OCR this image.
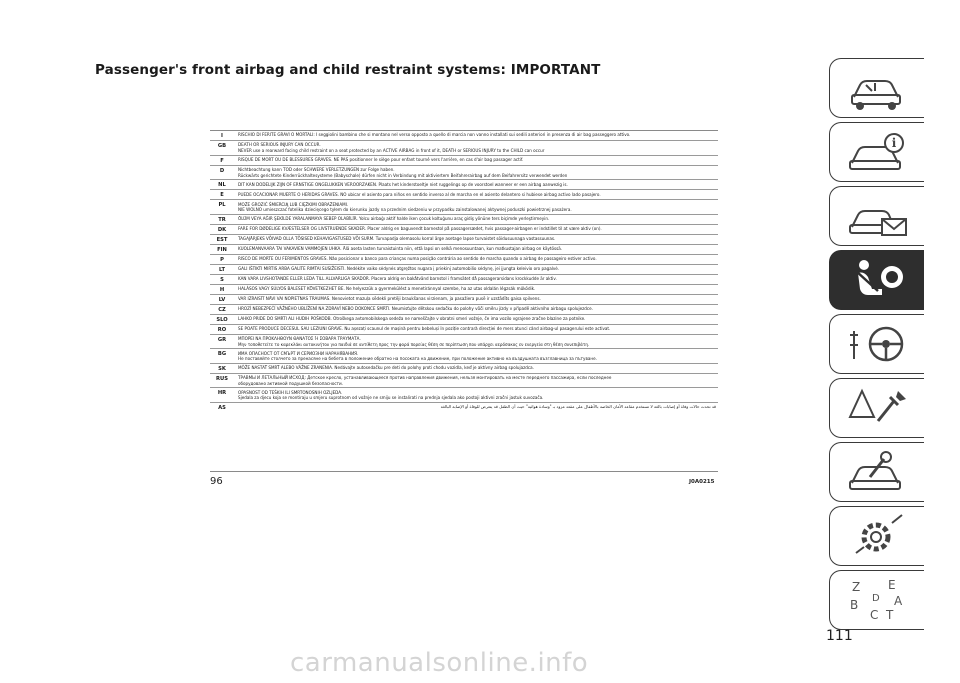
Passenger's front airbag and child restraint systems: IMPORTANT
I	RISCHIO DI FERITE GRAVI O MORTALI: I seggiolini bambino che si montano nel verso opposto a quello di marcia non vanno installati sui sedili anteriori in presenza di air bag passeggero attivo.

GB	DEATH OR SERIOUS INJURY CAN OCCUR.
NEVER use a rearward facing child restraint on a seat protected by an ACTIVE AIRBAG in front of it, DEATH or SERIOUS INJURY to the CHILD can occur

F	RISQUE DE MORT OU DE BLESSURES GRAVES. NE PAS positionner le siège pour enfant tourné vers l'arrière, en cas d'air bag passager actif.

D	Nichtbeachtung kann TOD oder SCHWERE VERLETZUNGEN zur Folge haben.
Rückwärts gerichtete Kinderrückhaltesysteme (Babyschale) dürfen nicht in Verbindung mit aktiviertem Beifahrerairbag auf dem Beifahrersitz verwendet werden

NL	DIT KAN DODELIJK ZIJN OF ERNSTIGE ONGELUKKEN VEROORZAKEN. Plaats het kinderstoeltje niet ruggelings op de voorstoel wanneer er een airbag aanwezig is.

E	PUEDE OCACIONAR MUERTE O HERIDAS GRAVES. NO ubicar el asiento para niños en sentido inverso al de marcha en el asiento delantero si hubiese airbag activo lado pasajero.

PL	MOŻE GROZIĆ ŚMIERCIĄ LUB CIĘŻKIMI OBRAŻENIAMI.
NIE WOLNO umieszczać fotelika dziecięcego tyłem do kierunku jazdy na przednim siedzeniu w przypadku zainstalowanej aktywnej poduszki powietrznej pasażera.

TR	ÖLÜM VEYA AĞIR ŞEKİLDE YARALANMAYA SEBEP OLABİLİR. Yolcu airbağı aktif halde iken çocuk koltuğunu araç gidiş yönüne ters biçimde yerleştirmeyin.

DK	FARE FOR DØDELIGE KVÆSTELSER OG LIVSTRUENDE SKADER. Placer aldrig en baguvendt barnestol på passagersædet, hvis passager-airbagen er indstillet til at være aktiv (on).

EST	TAGAJÄRJEKS VÕIVAD OLLA TÕSISED KEHAVIGASTUSED VÕI SURM. Turvapadja olemasolu korral ärge asetage lapse turvaistet sõidusuunaga vastassuunas.

FIN	KUOLEMANVAARA TAI VAKAVIEN VAMMOJEN UHKA. Älä aseta lasten turvaistuinta niin, että lapsi on selkä menosuuntaan, kun matkustajan airbag on käytössä.

P	RISCO DE MORTE OU FERIMENTOS GRAVES. Não posicionar o banco para crianças numa posição contrária ao sentido de marcha quando o airbag de passageiro estiver activo.

LT	GALI IŠTIKTI MIRTIS ARBA GALITE RIMTAI SUSIŽEISTI. Nedėkite vaiko sėdynės atgręžtos nugara į priekinį automobilio sėdynę, jei įjungta keleivio oro pagalvė.

S	KAN VARA LIVSHOTANDE ELLER LEDA TILL ALLVARLIGA SKADOR. Placera aldrig en bakåtvänd barnstol i framsätet då passagerarsidans krockkudde är aktiv.

H	HALÁSOS VAGY SÚLYOS BALESET KÖVETKEZHET BE. Ne helyezzük a gyermekülést a menetiránnyal szembe, ha az utas oldalán légzsák működik.

LV	VAR IZRAISĪT NĀVI VAI NOPIETNAS TRAUMAS. Nenovietot mazuļa sēdekli pretēji braukšanas virzienam, ja pasažiera pusē ir uzstādīts gaisa spilvens.

CZ	HROZÍ NEBEZPEČÍ VÁŽNÉHO UBLÍŽENÍ NA ZDRAVÍ NEBO DOKONCE SMRTI. Neumisťujte dětskou sedačku do polohy vůči směru jízdy v případě aktivního airbagu spolujezdce.

SLO	LAHKO PRIDE DO SMRTI ALI HUDIH POŠKODB. Otroškega avtomobilskega sedeža ne nameščajte v obratni smeri vožnje, če ima vozilo vgrajene zračne blazine za potnike.

RO	SE POATE PRODUCE DECESUL SAU LEZIUNI GRAVE. Nu așezați scaunul de mașină pentru bebeluși în poziție contrară direcției de mers atunci când airbag-ul pasagerului este activat.

GR	ΜΠΟΡΕΙ ΝΑ ΠΡΟΚΛΗΘΟΥΝ ΘΑΝΑΤΟΣ Ή ΣΟΒΑΡΑ ΤΡΑΥΜΑΤΑ.
Μην τοποθετείτε το καρεκλάκι αυτοκινήτου για παιδιά σε αντίθετη προς την φορά πορείας θέση σε περίπτωση που υπάρχει αερόσακος εν ενεργεία στη θέση συνεπιβάτη.

BG	ИМА ОПАСНОСТ ОТ СМЪРТ И СЕРИОЗНИ НАРАНЯВАНИЯ.
Не поставяйте столчето за пренасяне на бебета в положение обратно на посоката на движение, при положение активно на въздушната възглавница за пътуване.

SK	MÔŽE NASTAŤ SMRŤ ALEBO VÁŽNE ZRANENIA. Nedávajte autosedačku pre deti do polohy proti chodu vozidla, keď je aktívny airbag spolujazdca.

RUS	ТРАВМЫ И ЛЕТАЛЬНЫЙ ИСХОД: Детское кресло, устанавливающееся против направления движения, нельзя монтировать на месте переднего пассажира, если последнее
оборудовано активной подушкой безопасности.

HR	OPASNOST OD TEŠKIH ILI SMRTONOSNIH OZLJEDA.
Sjedala za djecu koja se montiraju u smjeru suprotnom od vožnje ne smiju se instalirati na prednja sjedala ako postoji aktivni zračni jastuk suvozača.

AS	قد تحدث حالات وفاة أو إصابات بالغة لا تستخدم مقاعد الأمان الخاصة بالأطفال على مقعد مزود بـ "وسادة هوائية" حيث أن الطفل قد يتعرض للوفاة أو الإصابة البالغة
96	J0A0215
i
Z E
B
C T
A
D
111
carmanualsonline.info
